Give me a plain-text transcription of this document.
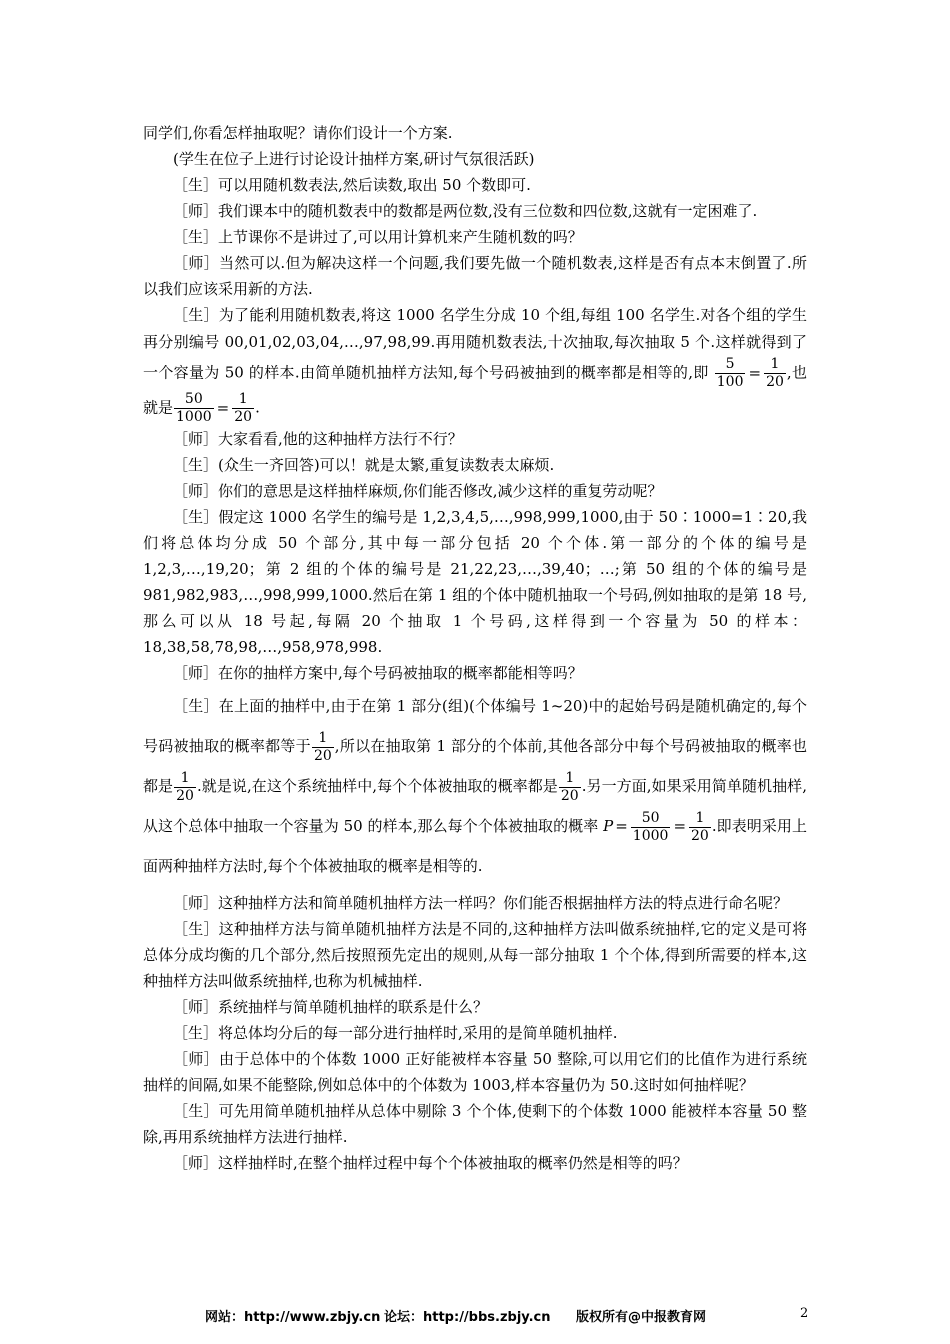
同学们,你看怎样抽取呢？请你们设计一个方案.

(学生在位子上进行讨论设计抽样方案,研讨气氛很活跃)

［生］可以用随机数表法,然后读数,取出 50 个数即可.

［师］我们课本中的随机数表中的数都是两位数,没有三位数和四位数,这就有一定困难了.

［生］上节课你不是讲过了,可以用计算机来产生随机数的吗？

［师］当然可以.但为解决这样一个问题,我们要先做一个随机数表,这样是否有点本末倒置了.所以我们应该采用新的方法.

［生］为了能利用随机数表,将这 1000 名学生分成 10 个组,每组 100 名学生.对各个组的学生再分别编号 00,01,02,03,04,…,97,98,99.再用随机数表法,十次抽取,每次抽取 5 个.这样就得到了一个容量为 50 的样本.由简单随机抽样方法知,每个号码被抽到的概率都是相等的,即 $\frac{5}{100} = \frac{1}{20}$ ,也就是 $\frac{50}{1000} = \frac{1}{20}$ .

［师］大家看看,他的这种抽样方法行不行？

［生］(众生一齐回答)可以！就是太繁,重复读数表太麻烦.

［师］你们的意思是这样抽样麻烦,你们能否修改,减少这样的重复劳动呢？

［生］假定这 1000 名学生的编号是 1,2,3,4,5,…,998,999,1000,由于 50∶1000=1∶20,我们将总体均分成 50 个部分,其中每一部分包括 20 个个体.第一部分的个体的编号是 1,2,3,…,19,20；第 2 组的个体的编号是 21,22,23,…,39,40；…;第 50 组的个体的编号是 981,982,983,…,998,999,1000.然后在第 1 组的个体中随机抽取一个号码,例如抽取的是第 18 号,那么可以从 18 号起,每隔 20 个抽取 1 个号码,这样得到一个容量为 50 的样本：18,38,58,78,98,…,958,978,998.

［师］在你的抽样方案中,每个号码被抽取的概率都能相等吗？

［生］在上面的抽样中,由于在第 1 部分(组)(个体编号 1~20)中的起始号码是随机确定的,每个号码被抽取的概率都等于 $\frac{1}{20}$ ,所以在抽取第 1 部分的个体前,其他各部分中每个号码被抽取的概率也都是 $\frac{1}{20}$ .就是说,在这个系统抽样中,每个个体被抽取的概率都是 $\frac{1}{20}$ .另一方面,如果采用简单随机抽样,从这个总体中抽取一个容量为 50 的样本,那么每个个体被抽取的概率 $P = \frac{50}{1000} = \frac{1}{20}$ .即表明采用上面两种抽样方法时,每个个体被抽取的概率是相等的.

［师］这种抽样方法和简单随机抽样方法一样吗？你们能否根据抽样方法的特点进行命名呢？

［生］这种抽样方法与简单随机抽样方法是不同的,这种抽样方法叫做系统抽样,它的定义是可将总体分成均衡的几个部分,然后按照预先定出的规则,从每一部分抽取 1 个个体,得到所需要的样本,这种抽样方法叫做系统抽样,也称为机械抽样.

［师］系统抽样与简单随机抽样的联系是什么？

［生］将总体均分后的每一部分进行抽样时,采用的是简单随机抽样.

［师］由于总体中的个体数 1000 正好能被样本容量 50 整除,可以用它们的比值作为进行系统抽样的间隔,如果不能整除,例如总体中的个体数为 1003,样本容量仍为 50.这时如何抽样呢？

［生］可先用简单随机抽样从总体中剔除 3 个个体,使剩下的个体数 1000 能被样本容量 50 整除,再用系统抽样方法进行抽样.

［师］这样抽样时,在整个抽样过程中每个个体被抽取的概率仍然是相等的吗？

网站：http://www.zbjy.cn 论坛：http://bbs.zbjy.cn 版权所有@中报教育网	2
